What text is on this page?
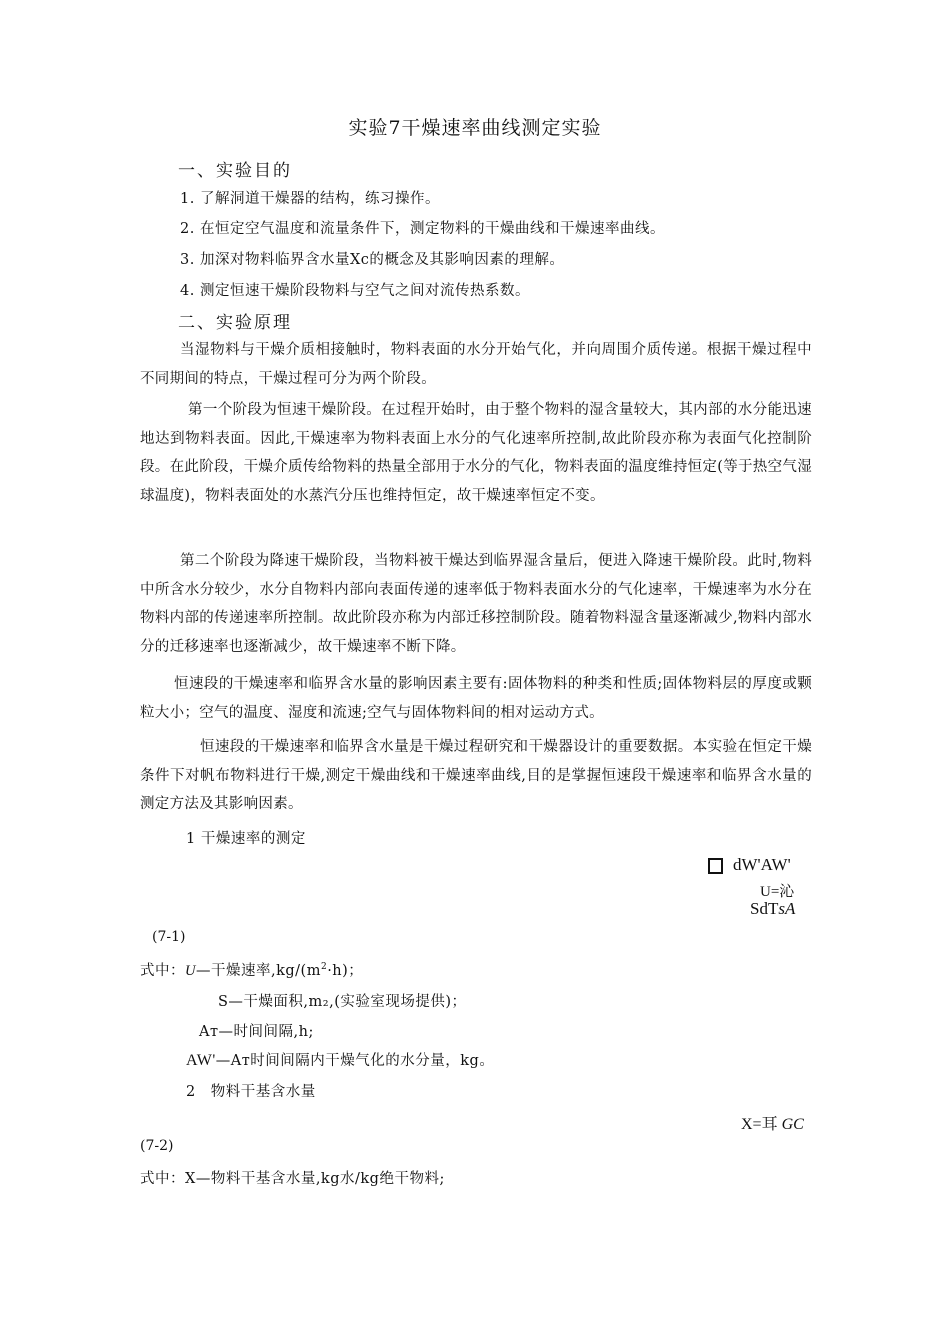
实验7干燥速率曲线测定实验
一、实验目的
1. 了解洞道干燥器的结构，练习操作。
2. 在恒定空气温度和流量条件下，测定物料的干燥曲线和干燥速率曲线。
3. 加深对物料临界含水量Xc的概念及其影响因素的理解。
4. 测定恒速干燥阶段物料与空气之间对流传热系数。
二、实验原理

当湿物料与干燥介质相接触时，物料表面的水分开始气化，并向周围介质传递。根据干燥过程中不同期间的特点，干燥过程可分为两个阶段。

第一个阶段为恒速干燥阶段。在过程开始时，由于整个物料的湿含量较大，其内部的水分能迅速地达到物料表面。因此,干燥速率为物料表面上水分的气化速率所控制,故此阶段亦称为表面气化控制阶段。在此阶段，干燥介质传给物料的热量全部用于水分的气化，物料表面的温度维持恒定(等于热空气湿球温度)，物料表面处的水蒸汽分压也维持恒定，故干燥速率恒定不变。

第二个阶段为降速干燥阶段，当物料被干燥达到临界湿含量后，便进入降速干燥阶段。此时,物料中所含水分较少，水分自物料内部向表面传递的速率低于物料表面水分的气化速率，干燥速率为水分在物料内部的传递速率所控制。故此阶段亦称为内部迁移控制阶段。随着物料湿含量逐渐减少,物料内部水分的迁移速率也逐渐减少，故干燥速率不断下降。

恒速段的干燥速率和临界含水量的影响因素主要有:固体物料的种类和性质;固体物料层的厚度或颗粒大小；空气的温度、湿度和流速;空气与固体物料间的相对运动方式。

恒速段的干燥速率和临界含水量是干燥过程研究和干燥器设计的重要数据。本实验在恒定干燥条件下对帆布物料进行干燥,测定干燥曲线和干燥速率曲线,目的是掌握恒速段干燥速率和临界含水量的测定方法及其影响因素。

1 干燥速率的测定
dW'AW'
U=沁
SdTsA
(7-1)
式中：U—干燥速率$,kg/(m^2\cdot h)$；
S—干燥面积,m₂,(实验室现场提供)；
Aт—时间间隔,h;
AW'—Aт时间间隔内干燥气化的水分量，kg。
2　物料干基含水量
X=耳 GC
(7-2)
式中：X—物料干基含水量,kg水/kg绝干物料;
